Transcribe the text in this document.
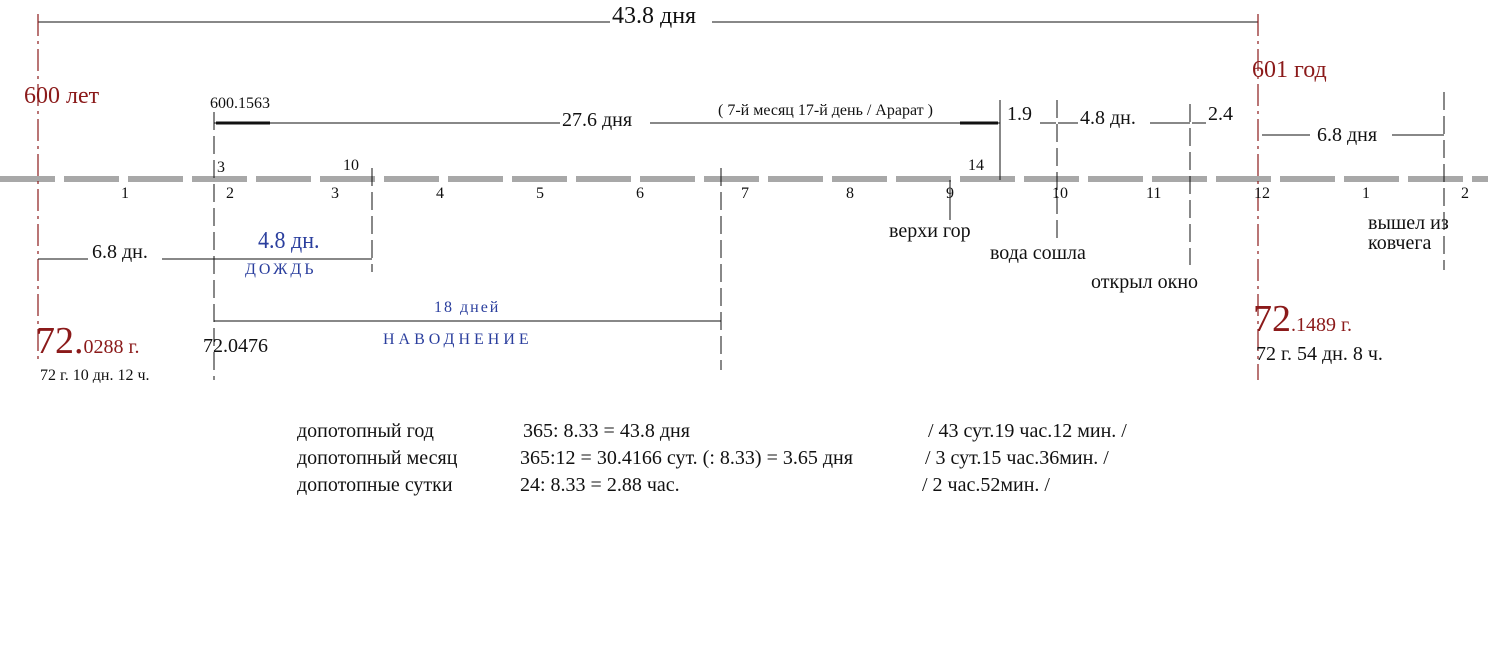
43.8 дня
600 лет
601 год
600.1563
27.6 дня	( 7-й месяц 17-й день / Арарат )	1.9 4.8 дн.	2.4
6.8 дня
3	10	14
1	2	3	4	5	6	7	8	9	10	11	12	1	2
верхи гор
вода сошла
открыл окно
вышел из
ковчега
6.8 дн.	4.8 дн.
ДОЖДЬ
18 дней
НАВОДНЕНИЕ
72.0476
72.0288 г.
72 г. 10 дн. 12 ч.
72.1489 г.
72 г. 54 дн. 8 ч.
допотопный год	365: 8.33 = 43.8 дня	/ 43 сут.19 час.12 мин. /
допотопный месяц	365:12 = 30.4166 сут. (: 8.33) = 3.65 дня	/ 3 сут.15 час.36мин. /
допотопные сутки	24: 8.33 = 2.88 час.	/ 2 час.52мин. /
